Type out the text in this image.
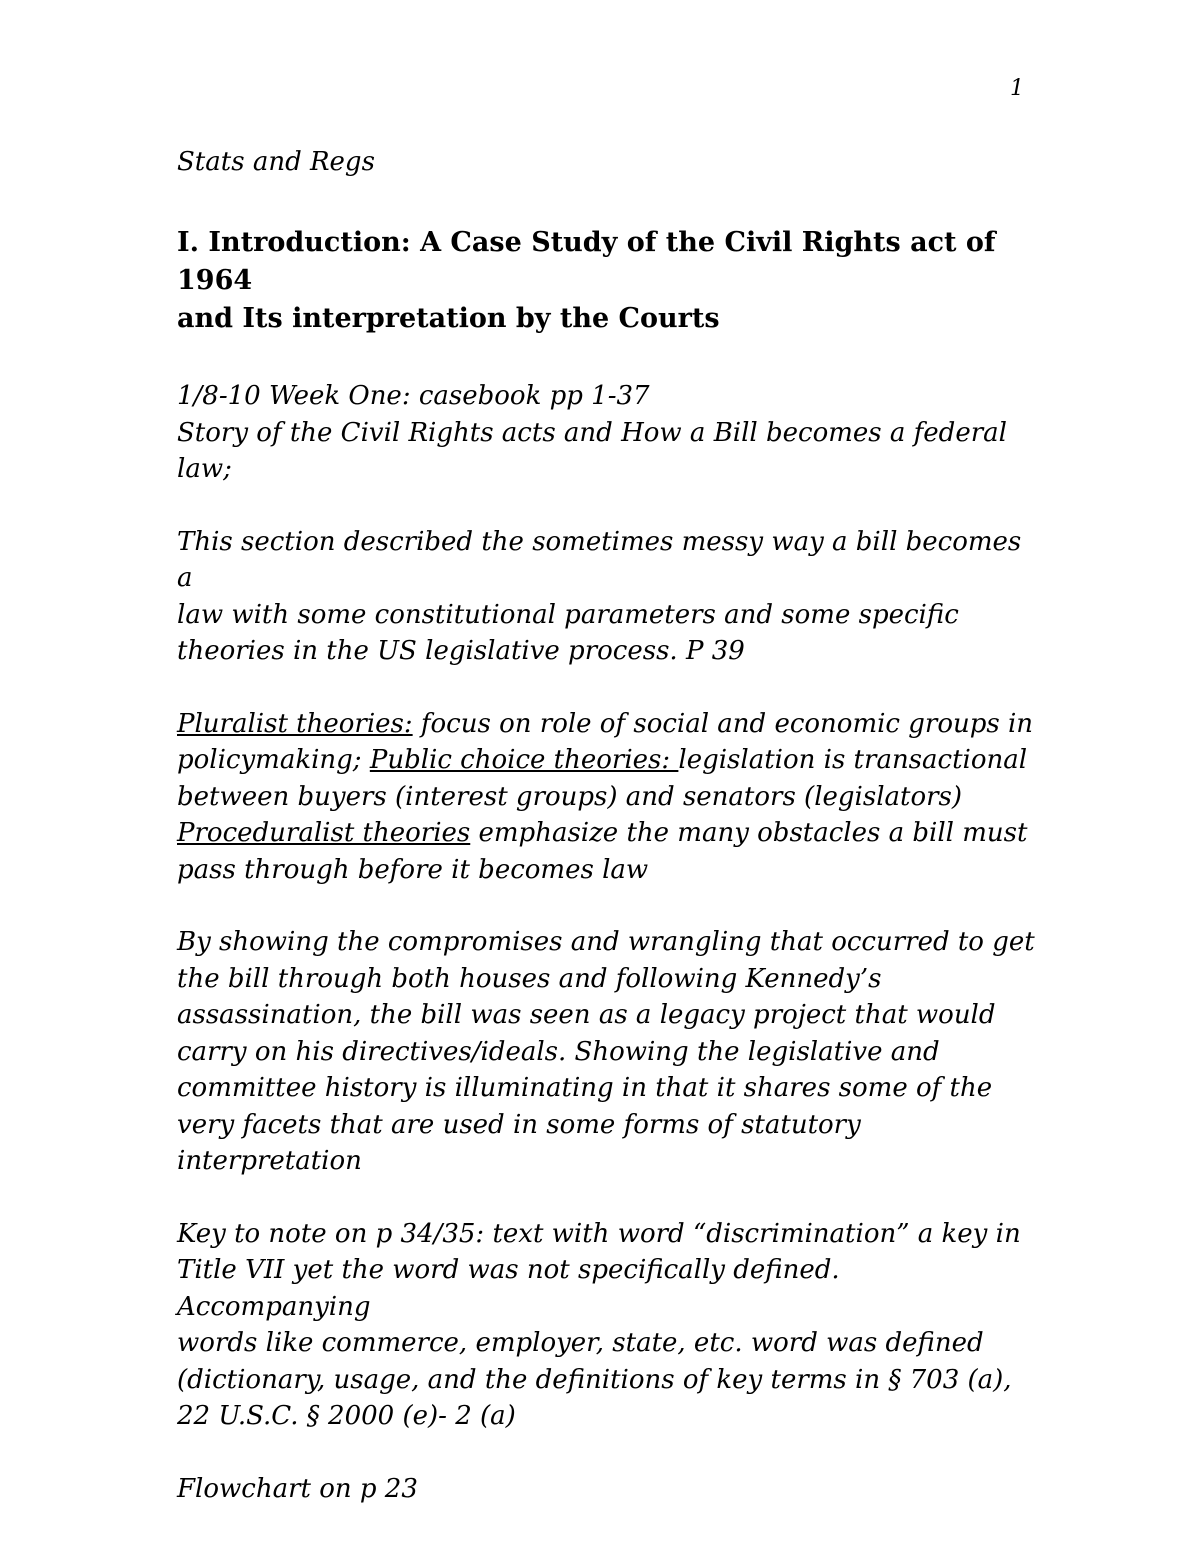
1
Stats and Regs
I. Introduction: A Case Study of the Civil Rights act of 1964
and Its interpretation by the Courts
1/8-10 Week One: casebook pp 1-37
Story of the Civil Rights acts and How a Bill becomes a federal
law;
This section described the sometimes messy way a bill becomes a
law with some constitutional parameters and some specific
theories in the US legislative process. P 39
Pluralist theories: focus on role of social and economic groups in
policymaking; Public choice theories: legislation is transactional
between buyers (interest groups) and senators (legislators)
Proceduralist theories emphasize the many obstacles a bill must
pass through before it becomes law
By showing the compromises and wrangling that occurred to get
the bill through both houses and following Kennedy’s
assassination, the bill was seen as a legacy project that would
carry on his directives/ideals. Showing the legislative and
committee history is illuminating in that it shares some of the
very facets that are used in some forms of statutory
interpretation
Key to note on p 34/35: text with word “discrimination” a key in
Title VII yet the word was not specifically defined. Accompanying
words like commerce, employer, state, etc. word was defined
(dictionary, usage, and the definitions of key terms in § 703 (a),
22 U.S.C. § 2000 (e)- 2 (a)
Flowchart on p 23
